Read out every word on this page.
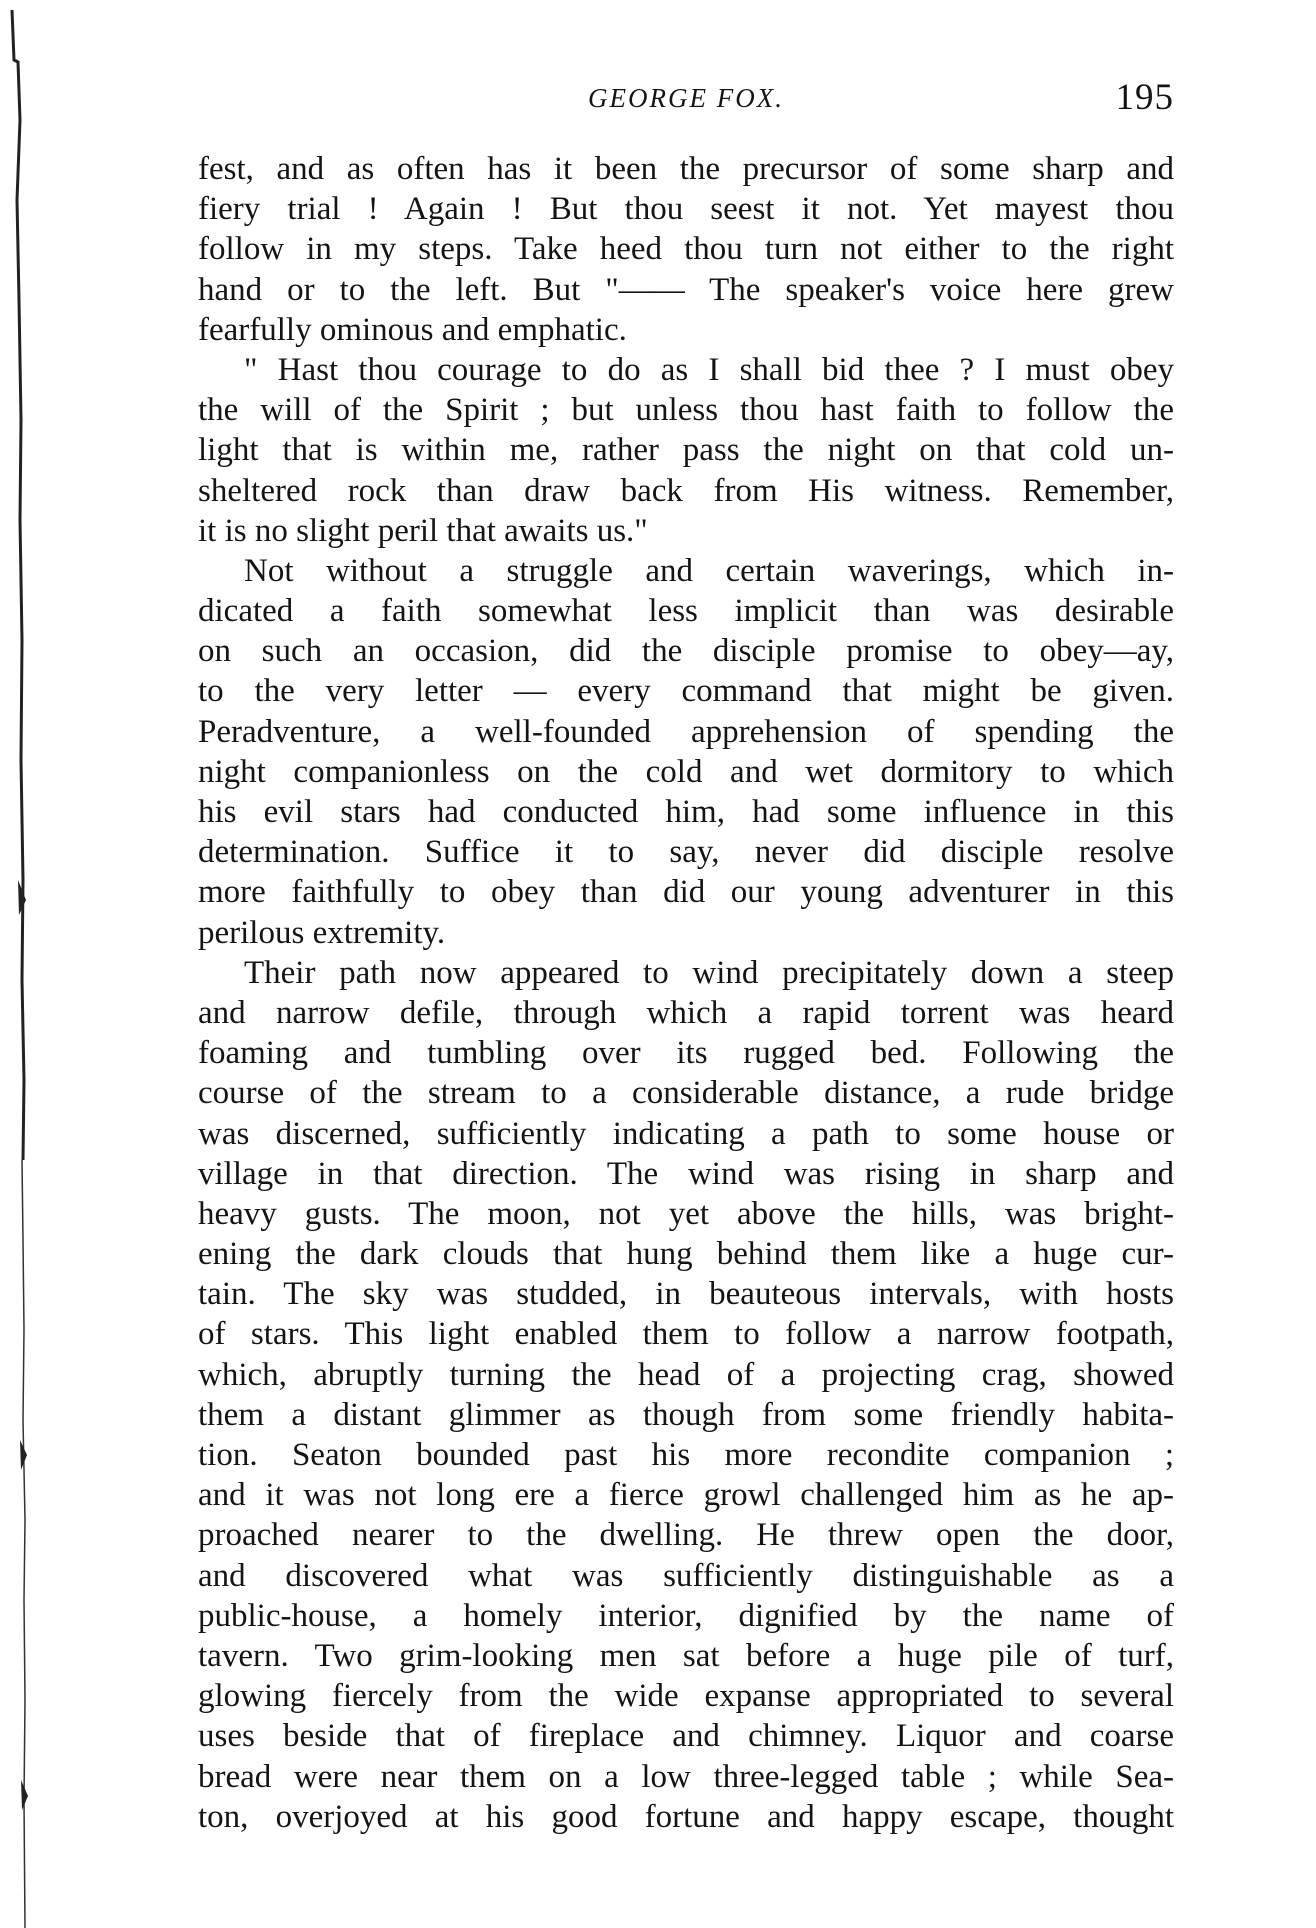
GEORGE FOX.	195
fest, and as often has it been the precursor of some sharp and
fiery trial ! Again ! But thou seest it not. Yet mayest thou
follow in my steps. Take heed thou turn not either to the right
hand or to the left. But "—— The speaker's voice here grew
fearfully ominous and emphatic.
" Hast thou courage to do as I shall bid thee ? I must obey
the will of the Spirit ; but unless thou hast faith to follow the
light that is within me, rather pass the night on that cold un-
sheltered rock than draw back from His witness. Remember,
it is no slight peril that awaits us."
Not without a struggle and certain waverings, which in-
dicated a faith somewhat less implicit than was desirable
on such an occasion, did the disciple promise to obey—ay,
to the very letter — every command that might be given.
Peradventure, a well-founded apprehension of spending the
night companionless on the cold and wet dormitory to which
his evil stars had conducted him, had some influence in this
determination. Suffice it to say, never did disciple resolve
more faithfully to obey than did our young adventurer in this
perilous extremity.
Their path now appeared to wind precipitately down a steep
and narrow defile, through which a rapid torrent was heard
foaming and tumbling over its rugged bed. Following the
course of the stream to a considerable distance, a rude bridge
was discerned, sufficiently indicating a path to some house or
village in that direction. The wind was rising in sharp and
heavy gusts. The moon, not yet above the hills, was bright-
ening the dark clouds that hung behind them like a huge cur-
tain. The sky was studded, in beauteous intervals, with hosts
of stars. This light enabled them to follow a narrow footpath,
which, abruptly turning the head of a projecting crag, showed
them a distant glimmer as though from some friendly habita-
tion. Seaton bounded past his more recondite companion ;
and it was not long ere a fierce growl challenged him as he ap-
proached nearer to the dwelling. He threw open the door,
and discovered what was sufficiently distinguishable as a
public-house, a homely interior, dignified by the name of
tavern. Two grim-looking men sat before a huge pile of turf,
glowing fiercely from the wide expanse appropriated to several
uses beside that of fireplace and chimney. Liquor and coarse
bread were near them on a low three-legged table ; while Sea-
ton, overjoyed at his good fortune and happy escape, thought
